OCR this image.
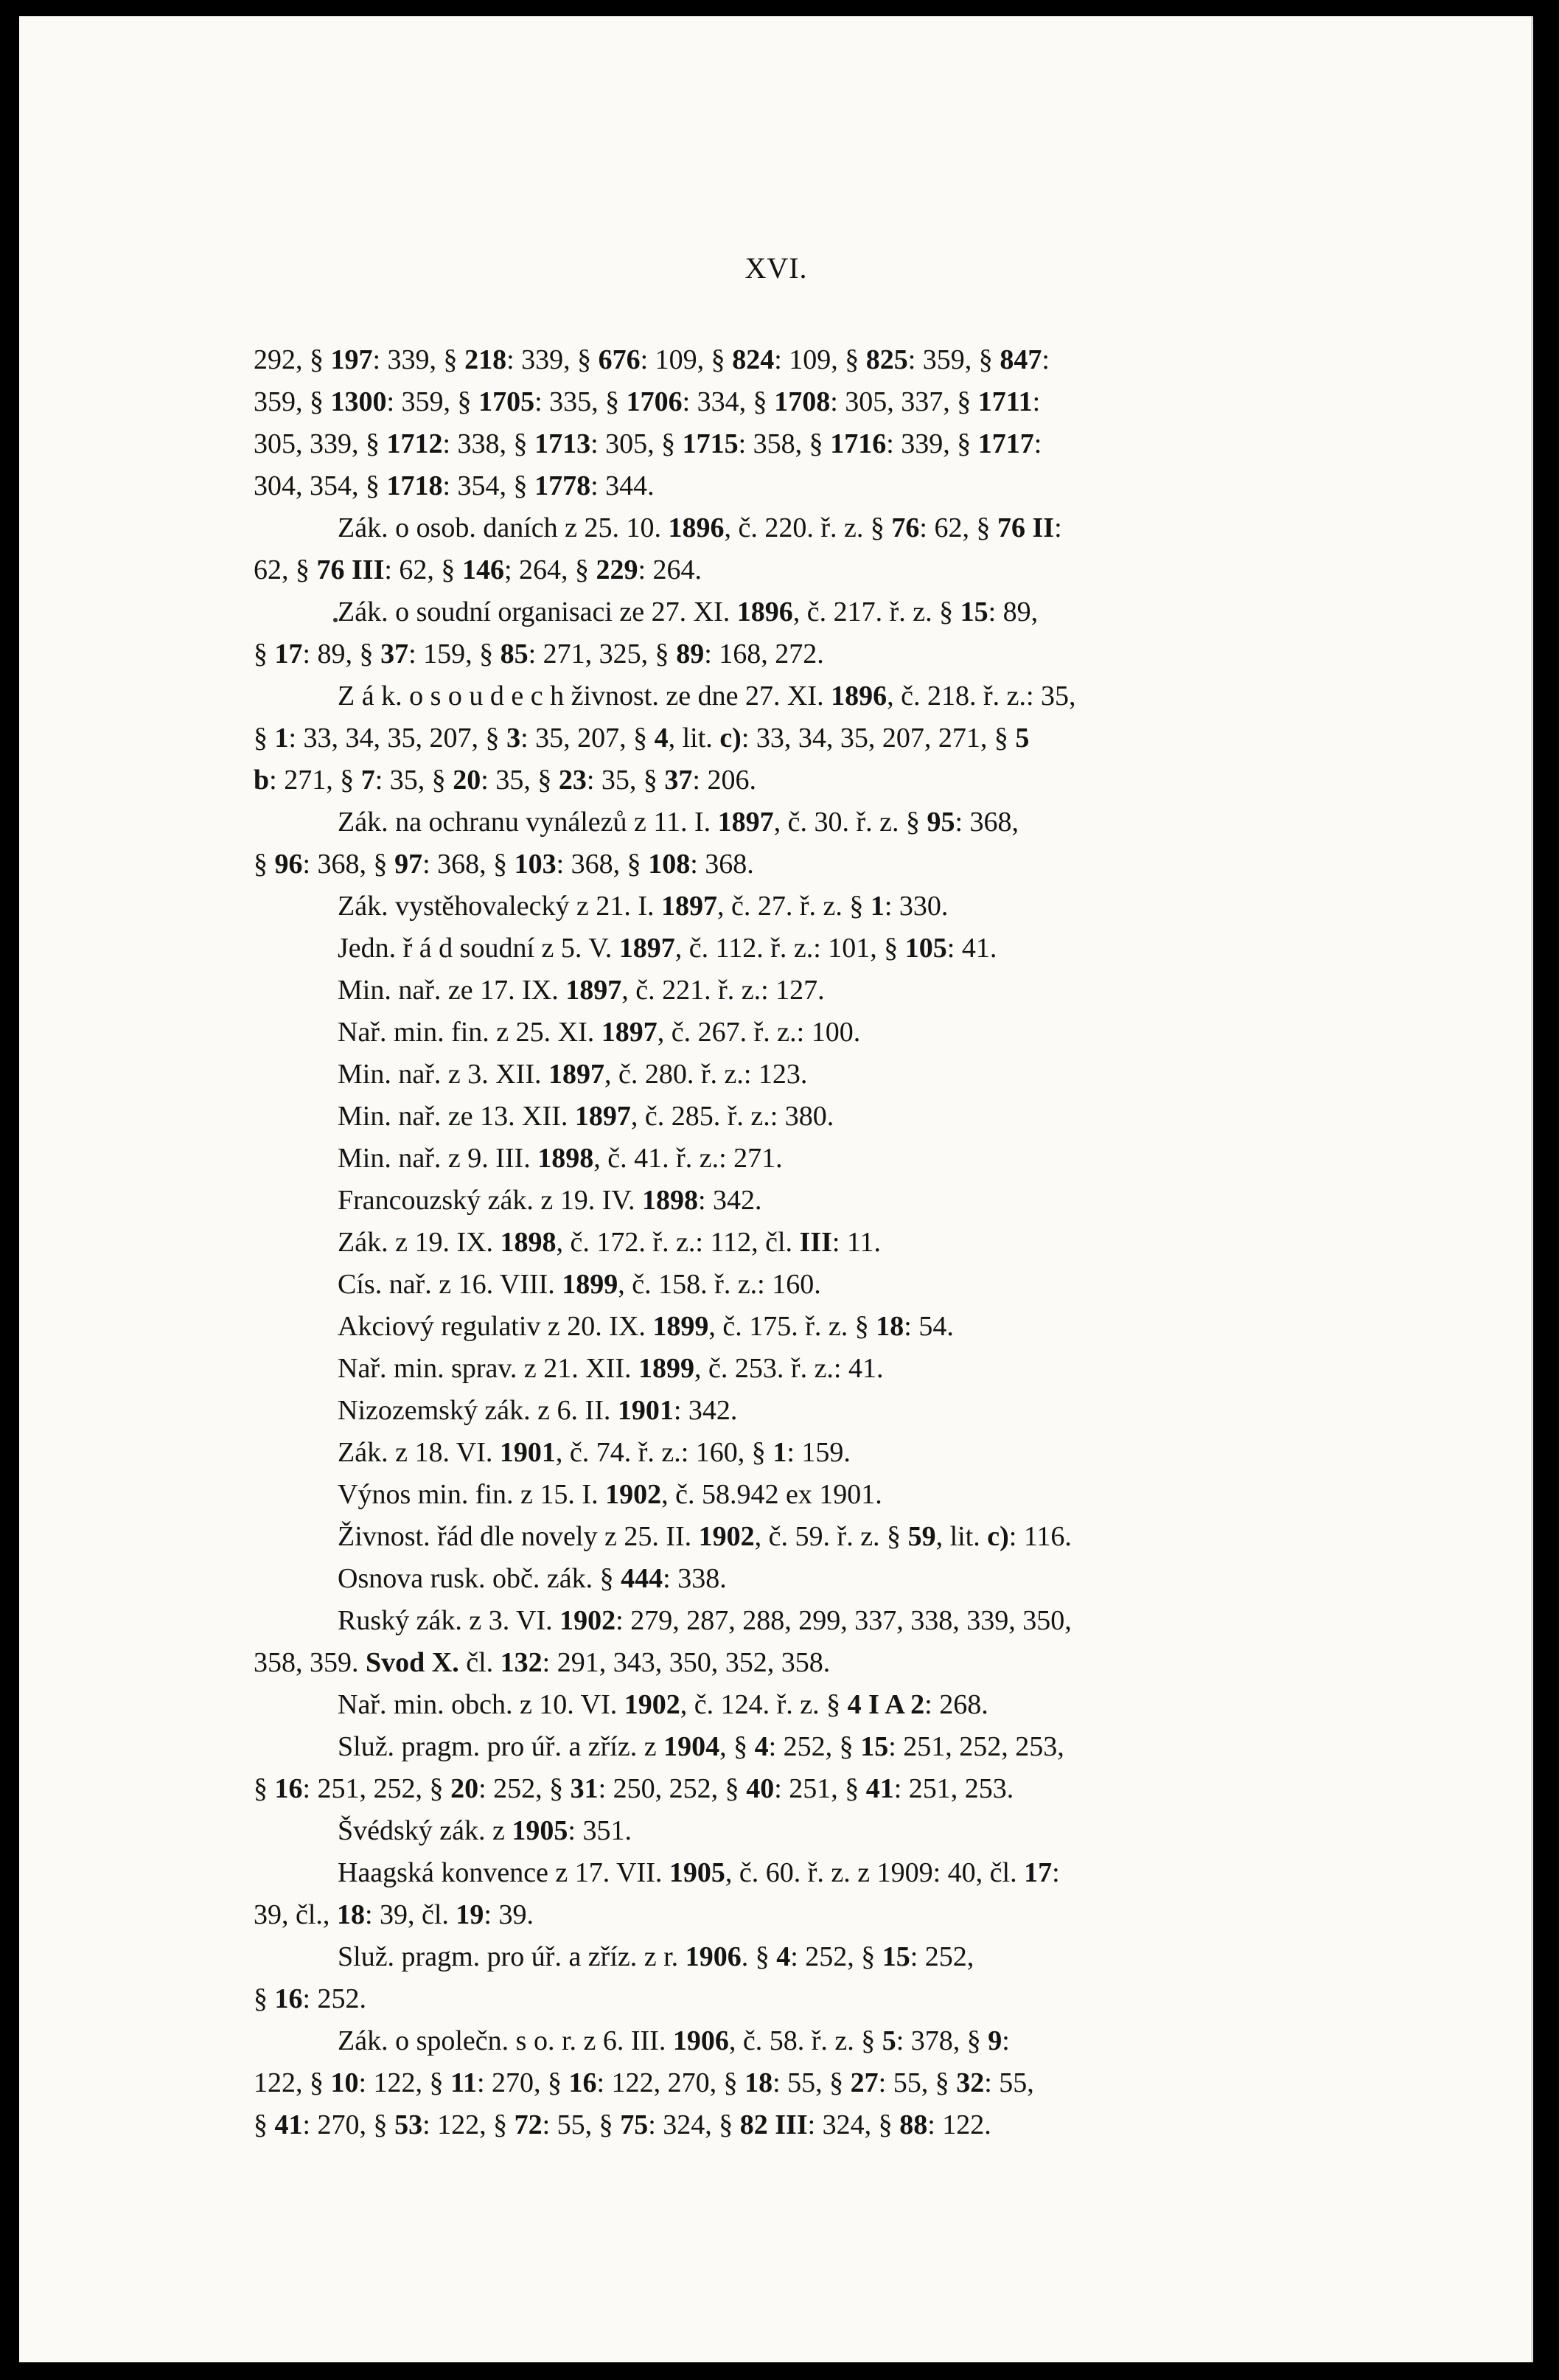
XVI.
292, § 197: 339, § 218: 339, § 676: 109, § 824: 109, § 825: 359, § 847:
359, § 1300: 359, § 1705: 335, § 1706: 334, § 1708: 305, 337, § 1711:
305, 339, § 1712: 338, § 1713: 305, § 1715: 358, § 1716: 339, § 1717:
304, 354, § 1718: 354, § 1778: 344.
Zák. o osob. daních z 25. 10. 1896, č. 220. ř. z. § 76: 62, § 76 II:
62, § 76 III: 62, § 146; 264, § 229: 264.
Zák. o soudní organisaci ze 27. XI. 1896, č. 217. ř. z. § 15: 89,
§ 17: 89, § 37: 159, § 85: 271, 325, § 89: 168, 272.
Z á k. o s o u d e c h živnost. ze dne 27. XI. 1896, č. 218. ř. z.: 35,
§ 1: 33, 34, 35, 207, § 3: 35, 207, § 4, lit. c): 33, 34, 35, 207, 271, § 5
b: 271, § 7: 35, § 20: 35, § 23: 35, § 37: 206.
Zák. na ochranu vynálezů z 11. I. 1897, č. 30. ř. z. § 95: 368,
§ 96: 368, § 97: 368, § 103: 368, § 108: 368.
Zák. vystěhovalecký z 21. I. 1897, č. 27. ř. z. § 1: 330.
Jedn. ř á d soudní z 5. V. 1897, č. 112. ř. z.: 101, § 105: 41.
Min. nař. ze 17. IX. 1897, č. 221. ř. z.: 127.
Nař. min. fin. z 25. XI. 1897, č. 267. ř. z.: 100.
Min. nař. z 3. XII. 1897, č. 280. ř. z.: 123.
Min. nař. ze 13. XII. 1897, č. 285. ř. z.: 380.
Min. nař. z 9. III. 1898, č. 41. ř. z.: 271.
Francouzský zák. z 19. IV. 1898: 342.
Zák. z 19. IX. 1898, č. 172. ř. z.: 112, čl. III: 11.
Cís. nař. z 16. VIII. 1899, č. 158. ř. z.: 160.
Akciový regulativ z 20. IX. 1899, č. 175. ř. z. § 18: 54.
Nař. min. sprav. z 21. XII. 1899, č. 253. ř. z.: 41.
Nizozemský zák. z 6. II. 1901: 342.
Zák. z 18. VI. 1901, č. 74. ř. z.: 160, § 1: 159.
Výnos min. fin. z 15. I. 1902, č. 58.942 ex 1901.
Živnost. řád dle novely z 25. II. 1902, č. 59. ř. z. § 59, lit. c): 116.
Osnova rusk. obč. zák. § 444: 338.
Ruský zák. z 3. VI. 1902: 279, 287, 288, 299, 337, 338, 339, 350,
358, 359. Svod X. čl. 132: 291, 343, 350, 352, 358.
Nař. min. obch. z 10. VI. 1902, č. 124. ř. z. § 4 I A 2: 268.
Služ. pragm. pro úř. a zříz. z 1904, § 4: 252, § 15: 251, 252, 253,
§ 16: 251, 252, § 20: 252, § 31: 250, 252, § 40: 251, § 41: 251, 253.
Švédský zák. z 1905: 351.
Haagská konvence z 17. VII. 1905, č. 60. ř. z. z 1909: 40, čl. 17:
39, čl., 18: 39, čl. 19: 39.
Služ. pragm. pro úř. a zříz. z r. 1906. § 4: 252, § 15: 252,
§ 16: 252.
Zák. o společn. s o. r. z 6. III. 1906, č. 58. ř. z. § 5: 378, § 9:
122, § 10: 122, § 11: 270, § 16: 122, 270, § 18: 55, § 27: 55, § 32: 55,
§ 41: 270, § 53: 122, § 72: 55, § 75: 324, § 82 III: 324, § 88: 122.
